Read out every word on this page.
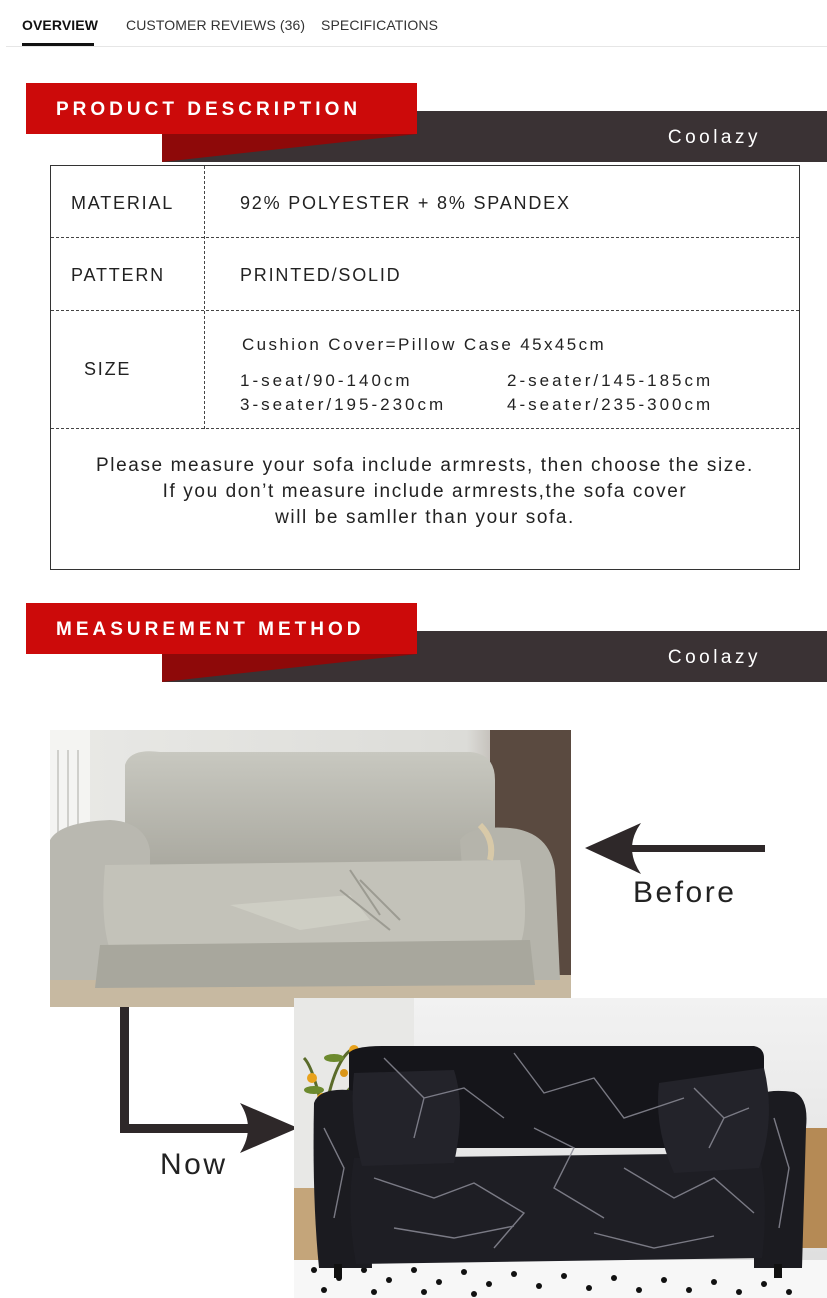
OVERVIEW CUSTOMER REVIEWS (36) SPECIFICATIONS
PRODUCT DESCRIPTION
Coolazy
MATERIAL	92% POLYESTER + 8% SPANDEX
PATTERN	PRINTED/SOLID
SIZE
Cushion Cover=Pillow Case 45x45cm
1-seat/90-140cm	2-seater/145-185cm
3-seater/195-230cm	4-seater/235-300cm
Please measure your sofa include armrests, then choose the size.
If you don’t measure include armrests,the sofa cover
will be samller than your sofa.
MEASUREMENT METHOD
Coolazy
Before
Now
